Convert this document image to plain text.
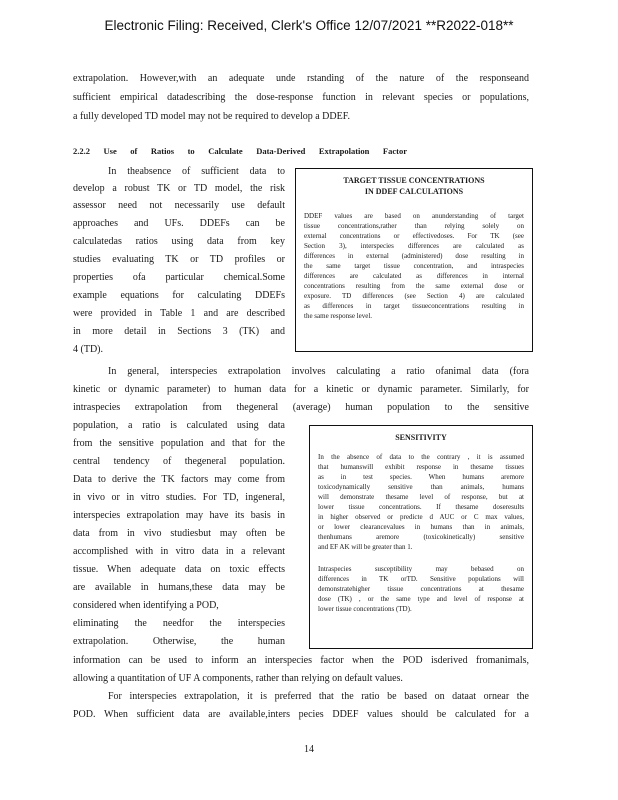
Electronic Filing: Received, Clerk's Office 12/07/2021 **R2022-018**
extrapolation. However,with an adequate unde rstanding of the nature of the responseand
sufficient empirical datadescribing the dose-response function in relevant species or populations,
a fully developed TD model may not be required to develop a DDEF.
2.2.2 Use of Ratios to Calculate Data-Derived Extrapolation Factor
In theabsence of sufficient data to
develop a robust TK or TD model, the risk
assessor need not necessarily use default
approaches and UFs. DDEFs can be
calculatedas ratios using data from key
studies evaluating TK or TD profiles or
properties ofa particular chemical.Some
example equations for calculating DDEFs
were provided in Table 1 and are described
in more detail in Sections 3 (TK) and
4 (TD).
TARGET TISSUE CONCENTRATIONS
IN DDEF CALCULATIONS
DDEF values are based on anunderstanding of target
tissue concentrations,rather than relying solely on
external concentrations or effectivedoses. For TK (see
Section 3), interspecies differences are calculated as
differences in external (administered) dose resulting in
the same target tissue concentration, and intraspecies
differences are calculated as differences in internal
concentrations resulting from the same external dose or
exposure. TD differences (see Section 4) are calculated
as differences in target tissueconcentrations resulting in
the same response level.
In general, interspecies extrapolation involves calculating a ratio ofanimal data (fora
kinetic or dynamic parameter) to human data for a kinetic or dynamic parameter. Similarly, for
intraspecies extrapolation from thegeneral (average) human population to the sensitive
population, a ratio is calculated using data
from the sensitive population and that for the
central tendency of thegeneral population.
Data to derive the TK factors may come from
in vivo or in vitro studies. For TD, ingeneral,
interspecies extrapolation may have its basis in
data from in vivo studiesbut may often be
accomplished with in vitro data in a relevant
tissue. When adequate data on toxic effects
are available in humans,these data may be
considered when identifying a POD,
eliminating the needfor the interspecies
extrapolation. Otherwise, the human
SENSITIVITY
In the absence of data to the contrary , it is assumed
that humanswill exhibit response in thesame tissues
as in test species. When humans aremore
toxicodynamically sensitive than animals, humans
will demonstrate thesame level of response, but at
lower tissue concentrations. If thesame doseresults
in higher observed or predicte d AUC or C max values,
or lower clearancevalues in humans than in animals,
thenhumans aremore (toxicokinetically) sensitive
and EF AK will be greater than 1.
Intraspecies susceptibility may bebased on
differences in TK orTD. Sensitive populations will
demonstratehigher tissue concentrations at thesame
dose (TK) , or the same type and level of response at
lower tissue concentrations (TD).
information can be used to inform an interspecies factor when the POD isderived fromanimals,
allowing a quantitation of UF A components, rather than relying on default values.
For interspecies extrapolation, it is preferred that the ratio be based on dataat ornear the
POD. When sufficient data are available,inters pecies DDEF values should be calculated for a
14
